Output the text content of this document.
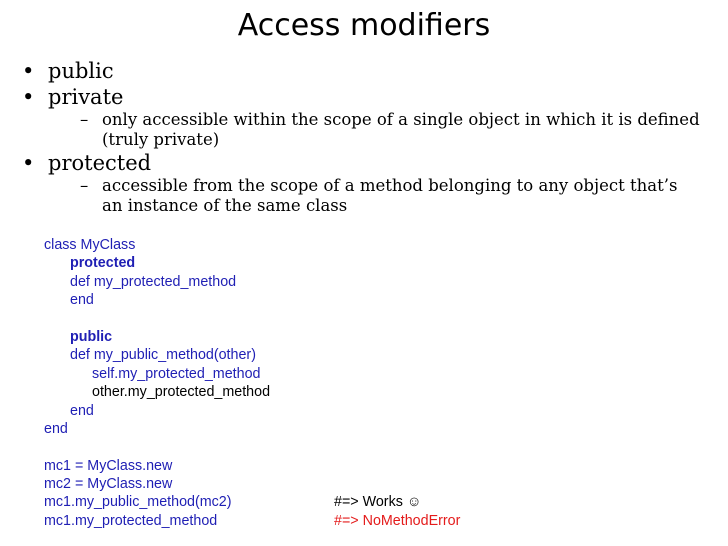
Access modifiers
• public
• private
– only accessible within the scope of a single object in which it is defined (truly private)
• protected
– accessible from the scope of a method belonging to any object that’s an instance of the same class
class MyClass
protected
def my_protected_method
end
public
def my_public_method(other)
self.my_protected_method
other.my_protected_method
end
end
mc1 = MyClass.new
mc2 = MyClass.new
mc1.my_public_method(mc2)	#=> Works ☺
mc1.my_protected_method	#=> NoMethodError
